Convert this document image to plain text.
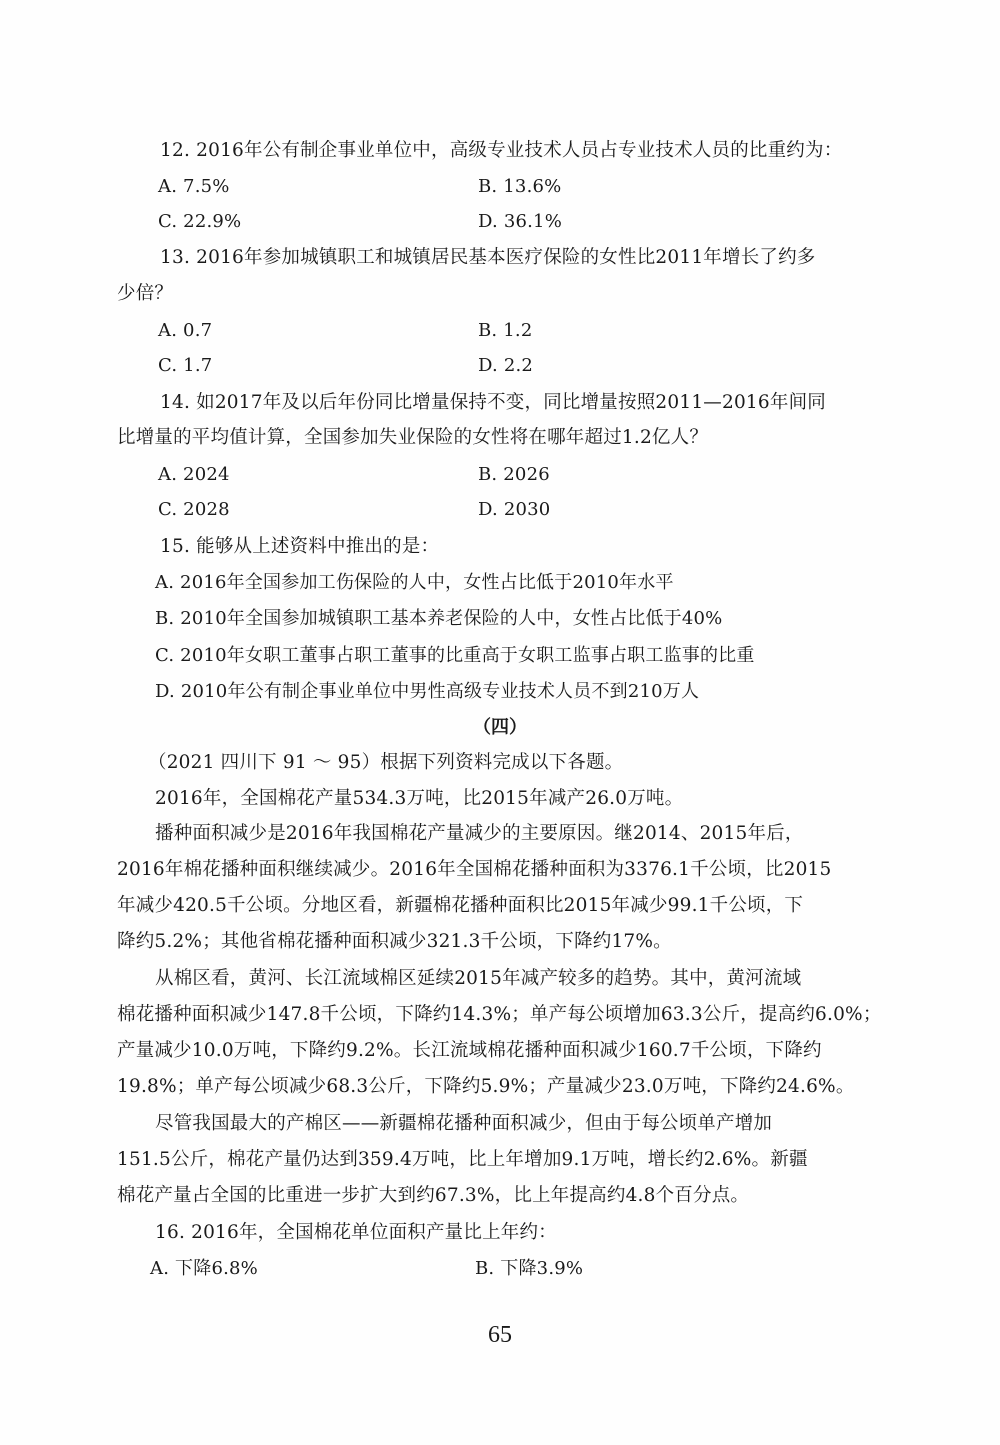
12. 2016年公有制企事业单位中，高级专业技术人员占专业技术人员的比重约为：
A. 7.5%	B. 13.6%
C. 22.9%	D. 36.1%
13. 2016年参加城镇职工和城镇居民基本医疗保险的女性比2011年增长了约多
少倍？
A. 0.7	B. 1.2
C. 1.7	D. 2.2
14. 如2017年及以后年份同比增量保持不变，同比增量按照2011—2016年间同
比增量的平均值计算，全国参加失业保险的女性将在哪年超过1.2亿人？
A. 2024	B. 2026
C. 2028	D. 2030
15. 能够从上述资料中推出的是：
A. 2016年全国参加工伤保险的人中，女性占比低于2010年水平
B. 2010年全国参加城镇职工基本养老保险的人中，女性占比低于40%
C. 2010年女职工董事占职工董事的比重高于女职工监事占职工监事的比重
D. 2010年公有制企事业单位中男性高级专业技术人员不到210万人
（四）
（2021 四川下 91 ～ 95）根据下列资料完成以下各题。
2016年，全国棉花产量534.3万吨，比2015年减产26.0万吨。
播种面积减少是2016年我国棉花产量减少的主要原因。继2014、2015年后，
2016年棉花播种面积继续减少。2016年全国棉花播种面积为3376.1千公顷，比2015
年减少420.5千公顷。分地区看，新疆棉花播种面积比2015年减少99.1千公顷，下
降约5.2%；其他省棉花播种面积减少321.3千公顷，下降约17%。
从棉区看，黄河、长江流域棉区延续2015年减产较多的趋势。其中，黄河流域
棉花播种面积减少147.8千公顷，下降约14.3%；单产每公顷增加63.3公斤，提高约6.0%；
产量减少10.0万吨，下降约9.2%。长江流域棉花播种面积减少160.7千公顷，下降约
19.8%；单产每公顷减少68.3公斤，下降约5.9%；产量减少23.0万吨，下降约24.6%。
尽管我国最大的产棉区——新疆棉花播种面积减少，但由于每公顷单产增加
151.5公斤，棉花产量仍达到359.4万吨，比上年增加9.1万吨，增长约2.6%。新疆
棉花产量占全国的比重进一步扩大到约67.3%，比上年提高约4.8个百分点。
16. 2016年，全国棉花单位面积产量比上年约：
A. 下降6.8%	B. 下降3.9%
65
